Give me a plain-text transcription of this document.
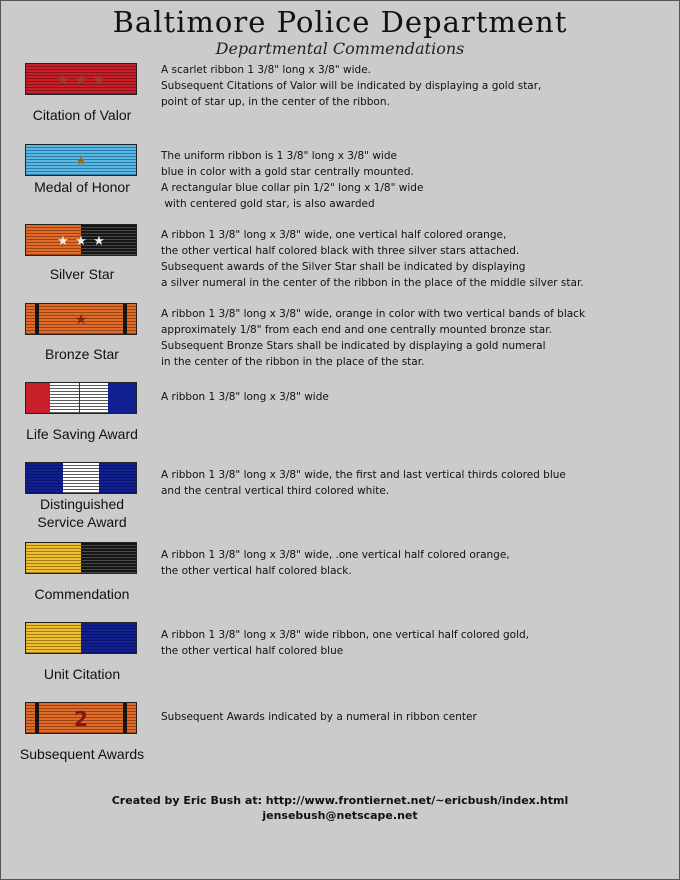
Baltimore Police Department
Departmental Commendations
★ ★ ★
Citation of Valor
A scarlet ribbon 1 3/8" long x 3/8" wide.
Subsequent Citations of Valor will be indicated by displaying a gold star,
point of star up, in the center of the ribbon.
★
Medal of Honor
The uniform ribbon is 1 3/8" long x 3/8" wide
blue in color with a gold star centrally mounted.
A rectangular blue collar pin 1/2" long x 1/8" wide
with centered gold star, is also awarded
★ ★ ★
Silver Star
A ribbon 1 3/8" long x 3/8" wide, one vertical half colored orange,
the other vertical half colored black with three silver stars attached.
Subsequent awards of the Silver Star shall be indicated by displaying
a silver numeral in the center of the ribbon in the place of the middle silver star.
★
Bronze Star
A ribbon 1 3/8" long x 3/8" wide, orange in color with two vertical bands of black
approximately 1/8" from each end and one centrally mounted bronze star.
Subsequent Bronze Stars shall be indicated by displaying a gold numeral
in the center of the ribbon in the place of the star.
Life Saving Award
A ribbon 1 3/8" long x 3/8" wide
Distinguished
Service Award
A ribbon 1 3/8" long x 3/8" wide, the first and last vertical thirds colored blue
and the central vertical third colored white.
Commendation
A ribbon 1 3/8" long x 3/8" wide, .one vertical half colored orange,
the other vertical half colored black.
Unit Citation
A ribbon 1 3/8" long x 3/8" wide ribbon, one vertical half colored gold,
the other vertical half colored blue
2
Subsequent Awards
Subsequent Awards indicated by a numeral in ribbon center
Created by Eric Bush at: http://www.frontiernet.net/~ericbush/index.html
jensebush@netscape.net
